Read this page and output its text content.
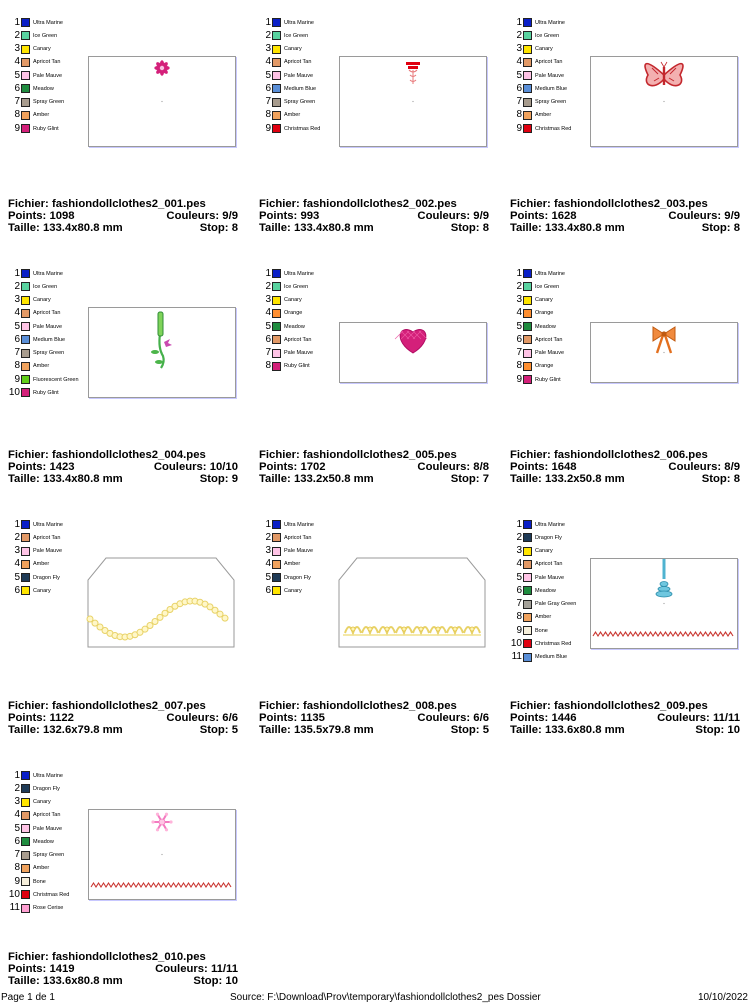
1 Ultra Marine
2 Ice Green
3 Canary
4 Apricot Tan
5 Pale Mauve
6 Meadow
7 Spray Green
8 Amber
9 Ruby Glint
Fichier: fashiondollclothes2_001.pes
Points: 1098	Couleurs: 9/9
Taille: 133.4x80.8 mm	Stop: 8
1 Ultra Marine
2 Ice Green
3 Canary
4 Apricot Tan
5 Pale Mauve
6 Medium Blue
7 Spray Green
8 Amber
9 Christmas Red
Fichier: fashiondollclothes2_002.pes
Points: 993	Couleurs: 9/9
Taille: 133.4x80.8 mm	Stop: 8
1 Ultra Marine
2 Ice Green
3 Canary
4 Apricot Tan
5 Pale Mauve
6 Medium Blue
7 Spray Green
8 Amber
9 Christmas Red
Fichier: fashiondollclothes2_003.pes
Points: 1628	Couleurs: 9/9
Taille: 133.4x80.8 mm	Stop: 8
1 Ultra Marine
2 Ice Green
3 Canary
4 Apricot Tan
5 Pale Mauve
6 Medium Blue
7 Spray Green
8 Amber
9 Fluorescent Green
10 Ruby Glint
Fichier: fashiondollclothes2_004.pes
Points: 1423	Couleurs: 10/10
Taille: 133.4x80.8 mm	Stop: 9
1 Ultra Marine
2 Ice Green
3 Canary
4 Orange
5 Meadow
6 Apricot Tan
7 Pale Mauve
8 Ruby Glint
Fichier: fashiondollclothes2_005.pes
Points: 1702	Couleurs: 8/8
Taille: 133.2x50.8 mm	Stop: 7
1 Ultra Marine
2 Ice Green
3 Canary
4 Orange
5 Meadow
6 Apricot Tan
7 Pale Mauve
8 Orange
9 Ruby Glint
Fichier: fashiondollclothes2_006.pes
Points: 1648	Couleurs: 8/9
Taille: 133.2x50.8 mm	Stop: 8
1 Ultra Marine
2 Apricot Tan
3 Pale Mauve
4 Amber
5 Dragon Fly
6 Canary
Fichier: fashiondollclothes2_007.pes
Points: 1122	Couleurs: 6/6
Taille: 132.6x79.8 mm	Stop: 5
1 Ultra Marine
2 Apricot Tan
3 Pale Mauve
4 Amber
5 Dragon Fly
6 Canary
Fichier: fashiondollclothes2_008.pes
Points: 1135	Couleurs: 6/6
Taille: 135.5x79.8 mm	Stop: 5
1 Ultra Marine
2 Dragon Fly
3 Canary
4 Apricot Tan
5 Pale Mauve
6 Meadow
7 Pale Gray Green
8 Amber
9 Bone
10 Christmas Red
11 Medium Blue
Fichier: fashiondollclothes2_009.pes
Points: 1446	Couleurs: 11/11
Taille: 133.6x80.8 mm	Stop: 10
1 Ultra Marine
2 Dragon Fly
3 Canary
4 Apricot Tan
5 Pale Mauve
6 Meadow
7 Spray Green
8 Amber
9 Bone
10 Christmas Red
11 Rose Cerise
Fichier: fashiondollclothes2_010.pes
Points: 1419	Couleurs: 11/11
Taille: 133.6x80.8 mm	Stop: 10
Page 1 de 1	Source: F:\Download\Prov\temporary\fashiondollclothes2_pes Dossier	10/10/2022
